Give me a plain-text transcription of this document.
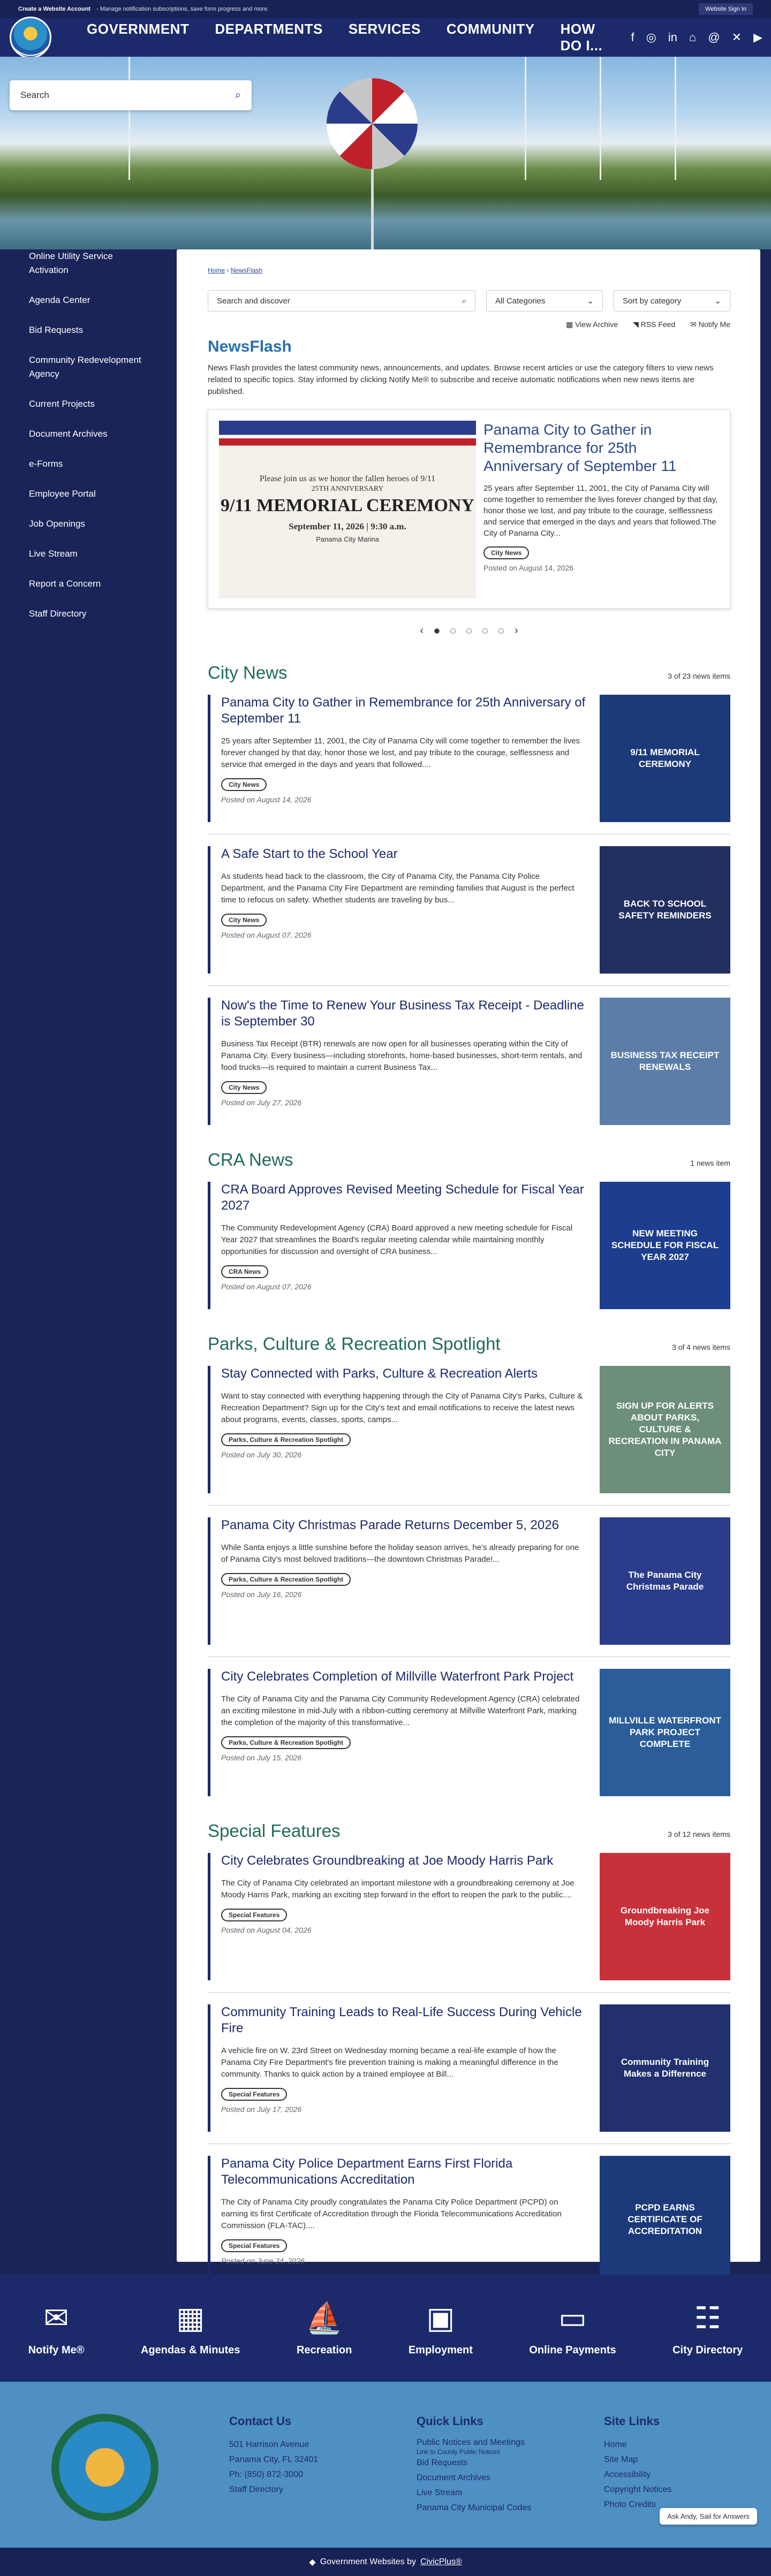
Create a Website Account - Manage notification subscriptions, save form progress and more.	Website Sign In
GOVERNMENT	DEPARTMENTS	SERVICES	COMMUNITY	HOW DO I...
f ◎ in ⌂ @ ✕ ▶
Search	⌕
Online Utility Service Activation
Agenda Center
Bid Requests
Community Redevelopment Agency
Current Projects
Document Archives
e-Forms
Employee Portal
Job Openings
Live Stream
Report a Concern
Staff Directory
Home › NewsFlash
Search and discover	⌕	All Categories	⌄	Sort by category	⌄
▦ View Archive ◥ RSS Feed ✉ Notify Me
NewsFlash
News Flash provides the latest community news, announcements, and updates. Browse recent articles or use the category filters to view news related to specific topics. Stay informed by clicking Notify Me® to subscribe and receive automatic notifications when new news items are published.
Please join us as we honor the fallen heroes of 9/11
25TH ANNIVERSARY
9/11 MEMORIAL CEREMONY
September 11, 2026 | 9:30 a.m.
Panama City Marina
Panama City to Gather in Remembrance for 25th Anniversary of September 11

25 years after September 11, 2001, the City of Panama City will come together to remember the lives forever changed by that day, honor those we lost, and pay tribute to the courage, selflessness and service that emerged in the days and years that followed.The City of Panama City...

City News
Posted on August 14, 2026
‹	›
City News	3 of 23 news items
Panama City to Gather in Remembrance for 25th Anniversary of September 11

25 years after September 11, 2001, the City of Panama City will come together to remember the lives forever changed by that day, honor those we lost, and pay tribute to the courage, selflessness and service that emerged in the days and years that followed....

City News
Posted on August 14, 2026
9/11 MEMORIAL CEREMONY
A Safe Start to the School Year

As students head back to the classroom, the City of Panama City, the Panama City Police Department, and the Panama City Fire Department are reminding families that August is the perfect time to refocus on safety. Whether students are traveling by bus...

City News
Posted on August 07, 2026
BACK TO SCHOOL SAFETY REMINDERS
Now's the Time to Renew Your Business Tax Receipt - Deadline is September 30

Business Tax Receipt (BTR) renewals are now open for all businesses operating within the City of Panama City. Every business—including storefronts, home-based businesses, short-term rentals, and food trucks—is required to maintain a current Business Tax...

City News
Posted on July 27, 2026
BUSINESS TAX RECEIPT RENEWALS
CRA News	1 news item
CRA Board Approves Revised Meeting Schedule for Fiscal Year 2027

The Community Redevelopment Agency (CRA) Board approved a new meeting schedule for Fiscal Year 2027 that streamlines the Board's regular meeting calendar while maintaining monthly opportunities for discussion and oversight of CRA business...

CRA News
Posted on August 07, 2026
NEW MEETING SCHEDULE FOR FISCAL YEAR 2027
Parks, Culture & Recreation Spotlight	3 of 4 news items
Stay Connected with Parks, Culture & Recreation Alerts

Want to stay connected with everything happening through the City of Panama City's Parks, Culture & Recreation Department? Sign up for the City's text and email notifications to receive the latest news about programs, events, classes, sports, camps...

Parks, Culture & Recreation Spotlight
Posted on July 30, 2026
SIGN UP FOR ALERTS ABOUT PARKS, CULTURE & RECREATION IN PANAMA CITY
Panama City Christmas Parade Returns December 5, 2026

While Santa enjoys a little sunshine before the holiday season arrives, he's already preparing for one of Panama City's most beloved traditions—the downtown Christmas Parade!...

Parks, Culture & Recreation Spotlight
Posted on July 16, 2026
The Panama City Christmas Parade
City Celebrates Completion of Millville Waterfront Park Project

The City of Panama City and the Panama City Community Redevelopment Agency (CRA) celebrated an exciting milestone in mid-July with a ribbon-cutting ceremony at Millville Waterfront Park, marking the completion of the majority of this transformative...

Parks, Culture & Recreation Spotlight
Posted on July 15, 2026
MILLVILLE WATERFRONT PARK PROJECT COMPLETE
Special Features	3 of 12 news items
City Celebrates Groundbreaking at Joe Moody Harris Park

The City of Panama City celebrated an important milestone with a groundbreaking ceremony at Joe Moody Harris Park, marking an exciting step forward in the effort to reopen the park to the public....

Special Features
Posted on August 04, 2026
Groundbreaking Joe Moody Harris Park
Community Training Leads to Real-Life Success During Vehicle Fire

A vehicle fire on W. 23rd Street on Wednesday morning became a real-life example of how the Panama City Fire Department's fire prevention training is making a meaningful difference in the community. Thanks to quick action by a trained employee at Bill...

Special Features
Posted on July 17, 2026
Community Training Makes a Difference
Panama City Police Department Earns First Florida Telecommunications Accreditation

The City of Panama City proudly congratulates the Panama City Police Department (PCPD) on earning its first Certificate of Accreditation through the Florida Telecommunications Accreditation Commission (FLA-TAC)....

Special Features
Posted on June 24, 2026
PCPD EARNS CERTIFICATE OF ACCREDITATION
✉
Notify Me®
▦
Agendas & Minutes
⛵
Recreation
▣
Employment
▭
Online Payments
☷
City Directory
Contact Us
501 Harrison Avenue
Panama City, FL 32401
Ph: (850) 872-3000
Staff Directory
Quick Links
Public Notices and Meetings
Link to County Public Notices
Bid Requests
Document Archives
Live Stream
Panama City Municipal Codes
Site Links
Home
Site Map
Accessibility
Copyright Notices
Photo Credits
Ask Andy, Sail for Answers
◆ Government Websites by CivicPlus®
